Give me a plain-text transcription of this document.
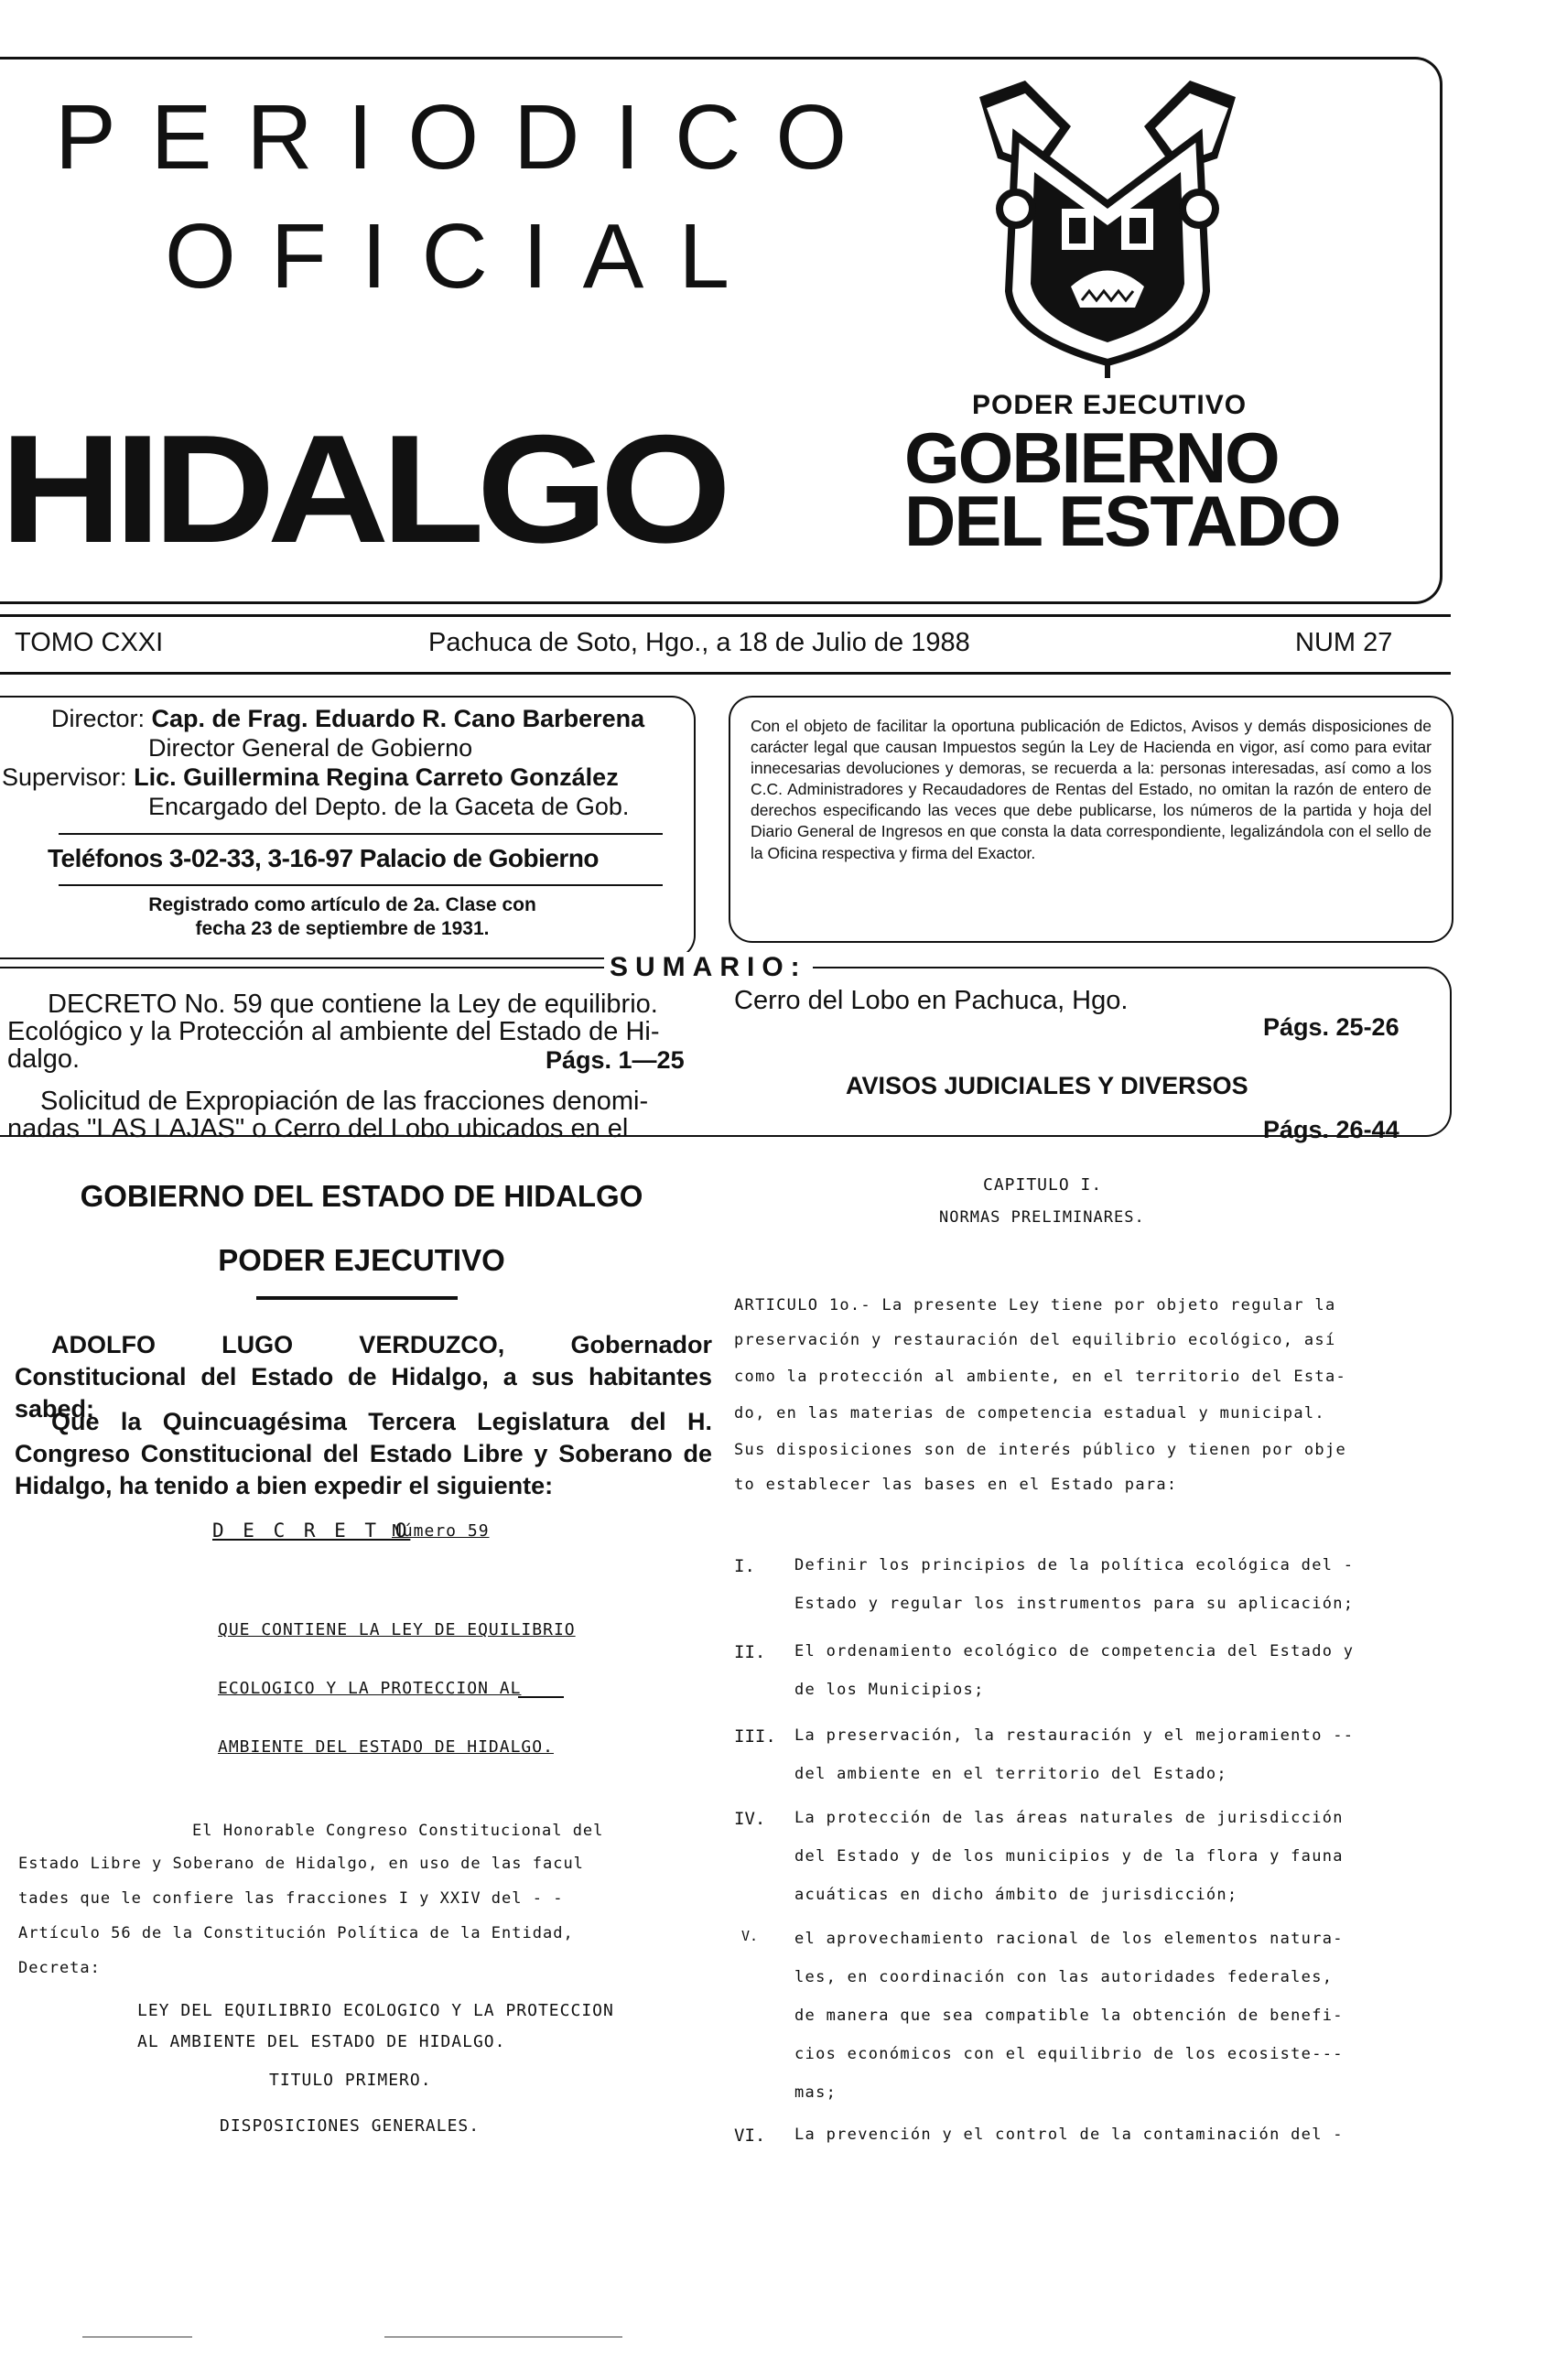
PERIODICO
OFICIAL
HIDALGO	PODER EJECUTIVO
GOBIERNO
DEL ESTADO
TOMO CXXI	Pachuca de Soto, Hgo., a 18 de Julio de 1988	NUM 27
Director: Cap. de Frag. Eduardo R. Cano Barberena
Director General de Gobierno
Supervisor: Lic. Guillermina Regina Carreto González
Encargado del Depto. de la Gaceta de Gob.
Teléfonos 3-02-33, 3-16-97 Palacio de Gobierno
Registrado como artículo de 2a. Clase con
fecha 23 de septiembre de 1931.
Con el objeto de facilitar la oportuna publicación de Edictos, Avisos y demás disposiciones de carácter legal que causan Impuestos según la Ley de Hacienda en vigor, así como para evitar innecesarias devoluciones y demoras, se recuerda a la: personas interesadas, así como a los C.C. Administradores y Recaudadores de Rentas del Estado, no omitan la razón de entero de derechos especificando las veces que debe publicarse, los números de la partida y hoja del Diario General de Ingresos en que consta la data correspondiente, legalizándola con el sello de la Oficina respectiva y firma del Exactor.
SUMARIO:
DECRETO No. 59 que contiene la Ley de equilibrio.
Ecológico y la Protección al ambiente del Estado de Hi-
dalgo.	Págs. 1—25
Solicitud de Expropiación de las fracciones denomi-
nadas "LAS LAJAS" o Cerro del Lobo ubicados en el
Cerro del Lobo en Pachuca, Hgo.
Págs. 25-26
AVISOS JUDICIALES Y DIVERSOS
Págs. 26-44
GOBIERNO DEL ESTADO DE HIDALGO
PODER EJECUTIVO
ADOLFO LUGO VERDUZCO, Gobernador Constitucional del Estado de Hidalgo, a sus habitantes sabed:
Que la Quincuagésima Tercera Legislatura del H. Congreso Constitucional del Estado Libre y Soberano de Hidalgo, ha tenido a bien expedir el siguiente:
D E C R E T O
Número 59
QUE CONTIENE LA LEY DE EQUILIBRIO
ECOLOGICO Y LA PROTECCION AL
AMBIENTE DEL ESTADO DE HIDALGO.
El Honorable Congreso Constitucional del
Estado Libre y Soberano de Hidalgo, en uso de las facul
tades que le confiere las fracciones I y XXIV del - -
Artículo 56 de la Constitución Política de la Entidad,
Decreta:
LEY DEL EQUILIBRIO ECOLOGICO Y LA PROTECCION
AL AMBIENTE DEL ESTADO DE HIDALGO.
TITULO PRIMERO.
DISPOSICIONES GENERALES.
CAPITULO I.
NORMAS PRELIMINARES.
ARTICULO 1o.- La presente Ley tiene por objeto regular la
preservación y restauración del equilibrio ecológico, así
como la protección al ambiente, en el territorio del Esta-
do, en las materias de competencia estadual y municipal.
Sus disposiciones son de interés público y tienen por obje
to establecer las bases en el Estado para:
I.	Definir los principios de la política ecológica del -
Estado y regular los instrumentos para su aplicación;
II. El ordenamiento ecológico de competencia del Estado y
de los Municipios;
III. La preservación, la restauración y el mejoramiento --
del ambiente en el territorio del Estado;
IV. La protección de las áreas naturales de jurisdicción
del Estado y de los municipios y de la flora y fauna
acuáticas en dicho ámbito de jurisdicción;
V. el aprovechamiento racional de los elementos natura-
les, en coordinación con las autoridades federales,
de manera que sea compatible la obtención de benefi-
cios económicos con el equilibrio de los ecosiste---
mas;
VI. La prevención y el control de la contaminación del -
